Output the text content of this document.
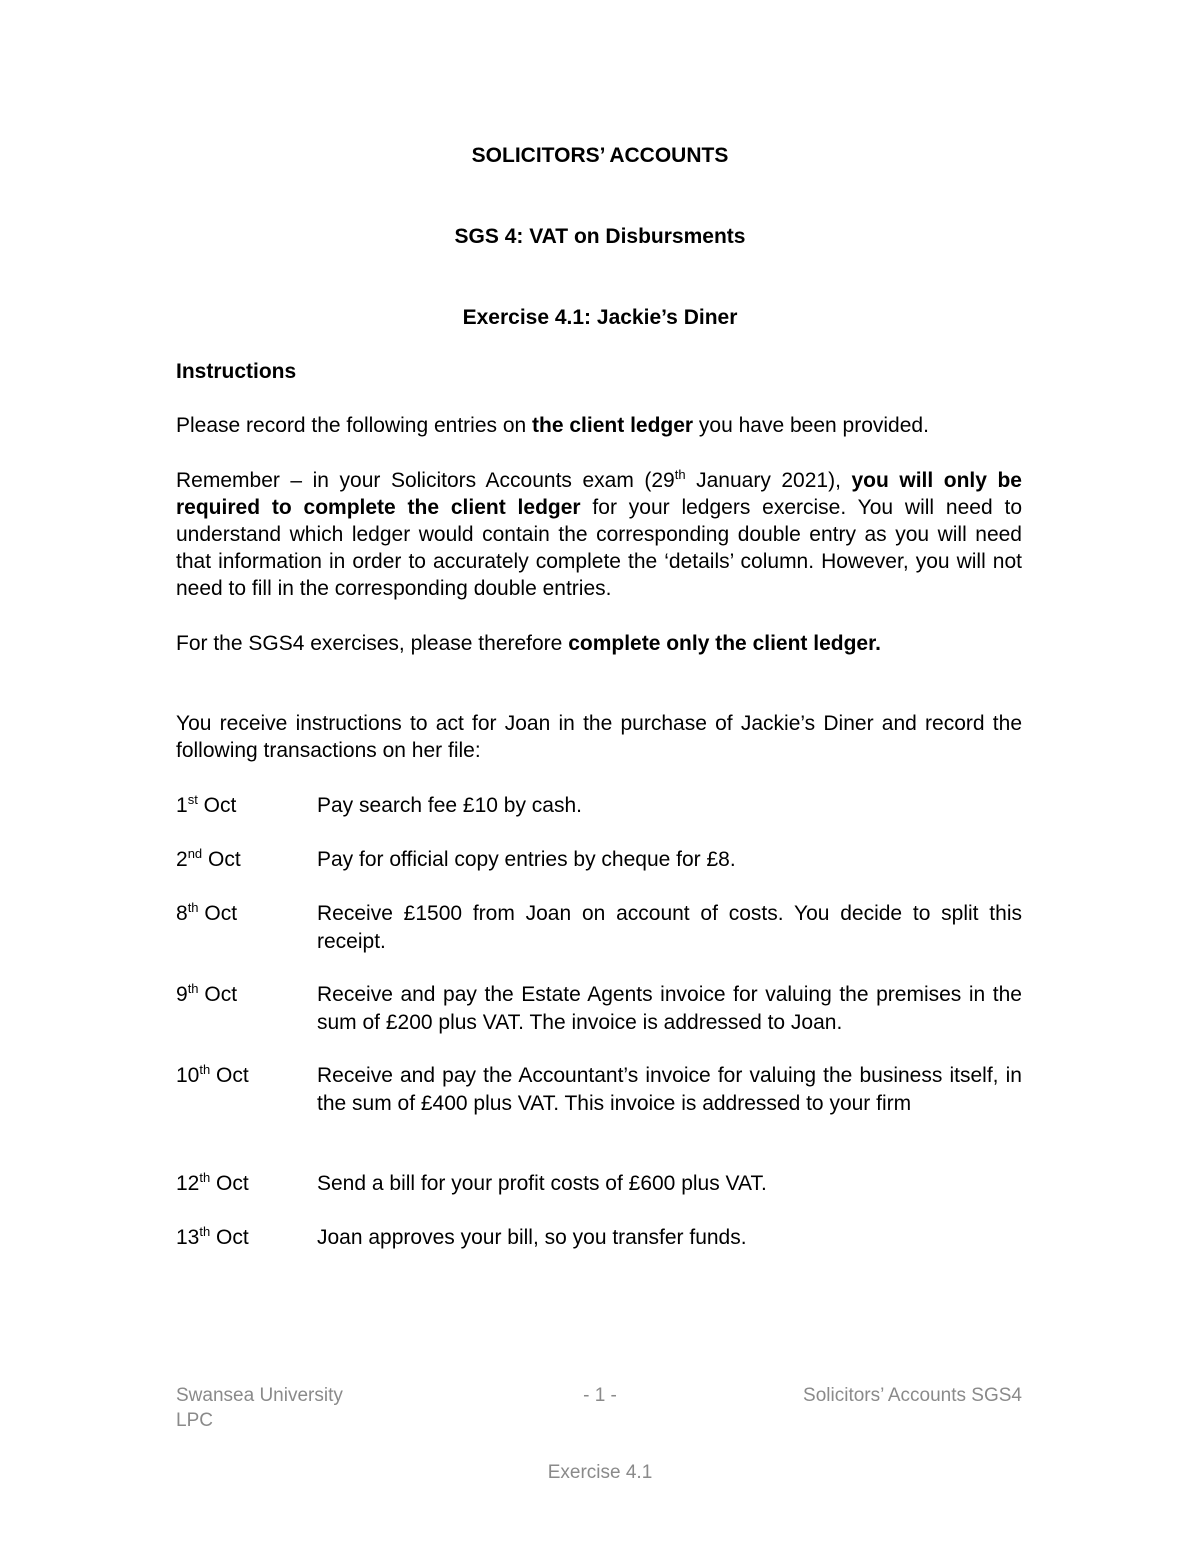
SOLICITORS’ ACCOUNTS
SGS 4: VAT on Disbursments
Exercise 4.1: Jackie’s Diner
Instructions
Please record the following entries on the client ledger you have been provided.
Remember – in your Solicitors Accounts exam (29th January 2021), you will only be required to complete the client ledger for your ledgers exercise. You will need to understand which ledger would contain the corresponding double entry as you will need that information in order to accurately complete the ‘details’ column. However, you will not need to fill in the corresponding double entries.
For the SGS4 exercises, please therefore complete only the client ledger.
You receive instructions to act for Joan in the purchase of Jackie’s Diner and record the following transactions on her file:
1st Oct	Pay search fee £10 by cash.
2nd Oct	Pay for official copy entries by cheque for £8.
8th Oct	Receive £1500 from Joan on account of costs. You decide to split this receipt.
9th Oct	Receive and pay the Estate Agents invoice for valuing the premises in the sum of £200 plus VAT. The invoice is addressed to Joan.
10th Oct	Receive and pay the Accountant’s invoice for valuing the business itself, in the sum of £400 plus VAT. This invoice is addressed to your firm
12th Oct	Send a bill for your profit costs of £600 plus VAT.
13th Oct	Joan approves your bill, so you transfer funds.
Swansea University LPC
- 1 -	Solicitors’ Accounts SGS4
Exercise 4.1
